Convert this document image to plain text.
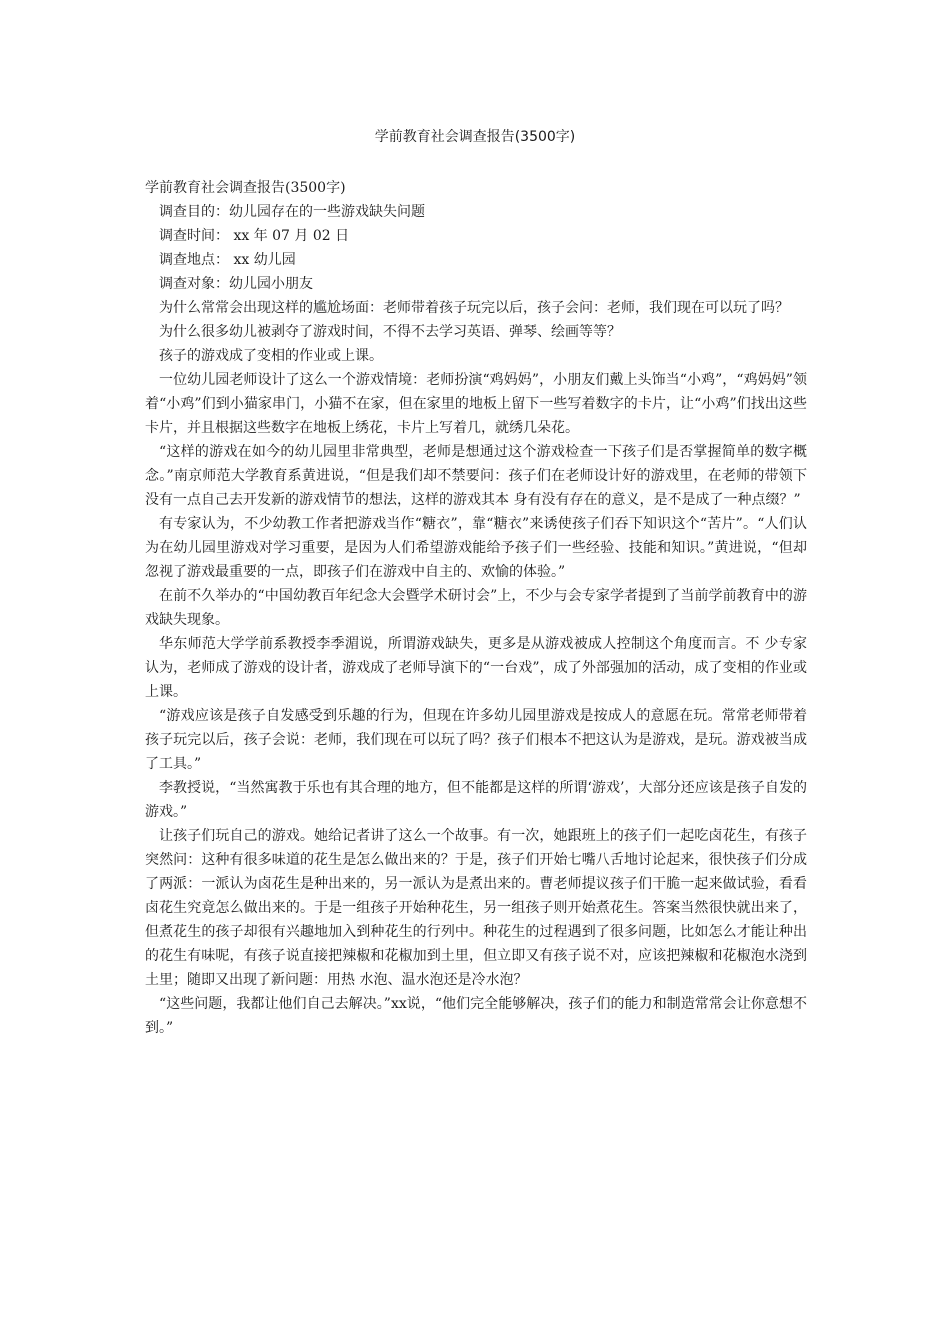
学前教育社会调查报告(3500字)

学前教育社会调查报告(3500字)

调查目的：幼儿园存在的一些游戏缺失问题

调查时间： xx 年 07 月 02 日

调查地点： xx 幼儿园

调查对象：幼儿园小朋友

为什么常常会出现这样的尴尬场面：老师带着孩子玩完以后，孩子会问：老师，我们现在可以玩了吗？

为什么很多幼儿被剥夺了游戏时间，不得不去学习英语、弹琴、绘画等等？

孩子的游戏成了变相的作业或上课。

一位幼儿园老师设计了这么一个游戏情境：老师扮演“鸡妈妈”，小朋友们戴上头饰当“小鸡”，“鸡妈妈”领着“小鸡”们到小猫家串门，小猫不在家，但在家里的地板上留下一些写着数字的卡片，让“小鸡”们找出这些卡片，并且根据这些数字在地板上绣花，卡片上写着几，就绣几朵花。

“这样的游戏在如今的幼儿园里非常典型，老师是想通过这个游戏检查一下孩子们是否掌握简单的数字概念。”南京师范大学教育系黄进说，“但是我们却不禁要问：孩子们在老师设计好的游戏里，在老师的带领下没有一点自己去开发新的游戏情节的想法，这样的游戏其本 身有没有存在的意义，是不是成了一种点缀？”

有专家认为，不少幼教工作者把游戏当作“糖衣”，靠“糖衣”来诱使孩子们吞下知识这个“苦片”。“人们认为在幼儿园里游戏对学习重要，是因为人们希望游戏能给予孩子们一些经验、技能和知识。”黄进说，“但却忽视了游戏最重要的一点，即孩子们在游戏中自主的、欢愉的体验。”

在前不久举办的“中国幼教百年纪念大会暨学术研讨会”上，不少与会专家学者提到了当前学前教育中的游戏缺失现象。

华东师范大学学前系教授李季湄说，所谓游戏缺失，更多是从游戏被成人控制这个角度而言。不 少专家认为，老师成了游戏的设计者，游戏成了老师导演下的“一台戏”，成了外部强加的活动，成了变相的作业或上课。

“游戏应该是孩子自发感受到乐趣的行为，但现在许多幼儿园里游戏是按成人的意愿在玩。常常老师带着孩子玩完以后，孩子会说：老师，我们现在可以玩了吗？孩子们根本不把这认为是游戏，是玩。游戏被当成了工具。”

李教授说，“当然寓教于乐也有其合理的地方，但不能都是这样的所谓‘游戏’，大部分还应该是孩子自发的游戏。”

让孩子们玩自己的游戏。她给记者讲了这么一个故事。有一次，她跟班上的孩子们一起吃卤花生，有孩子突然问：这种有很多味道的花生是怎么做出来的？于是，孩子们开始七嘴八舌地讨论起来，很快孩子们分成了两派：一派认为卤花生是种出来的，另一派认为是煮出来的。曹老师提议孩子们干脆一起来做试验，看看卤花生究竟怎么做出来的。于是一组孩子开始种花生，另一组孩子则开始煮花生。答案当然很快就出来了，但煮花生的孩子却很有兴趣地加入到种花生的行列中。种花生的过程遇到了很多问题，比如怎么才能让种出的花生有味呢，有孩子说直接把辣椒和花椒加到土里，但立即又有孩子说不对，应该把辣椒和花椒泡水浇到土里；随即又出现了新问题：用热 水泡、温水泡还是冷水泡？

“这些问题，我都让他们自己去解决。”xx说，“他们完全能够解决，孩子们的能力和制造常常会让你意想不到。”
